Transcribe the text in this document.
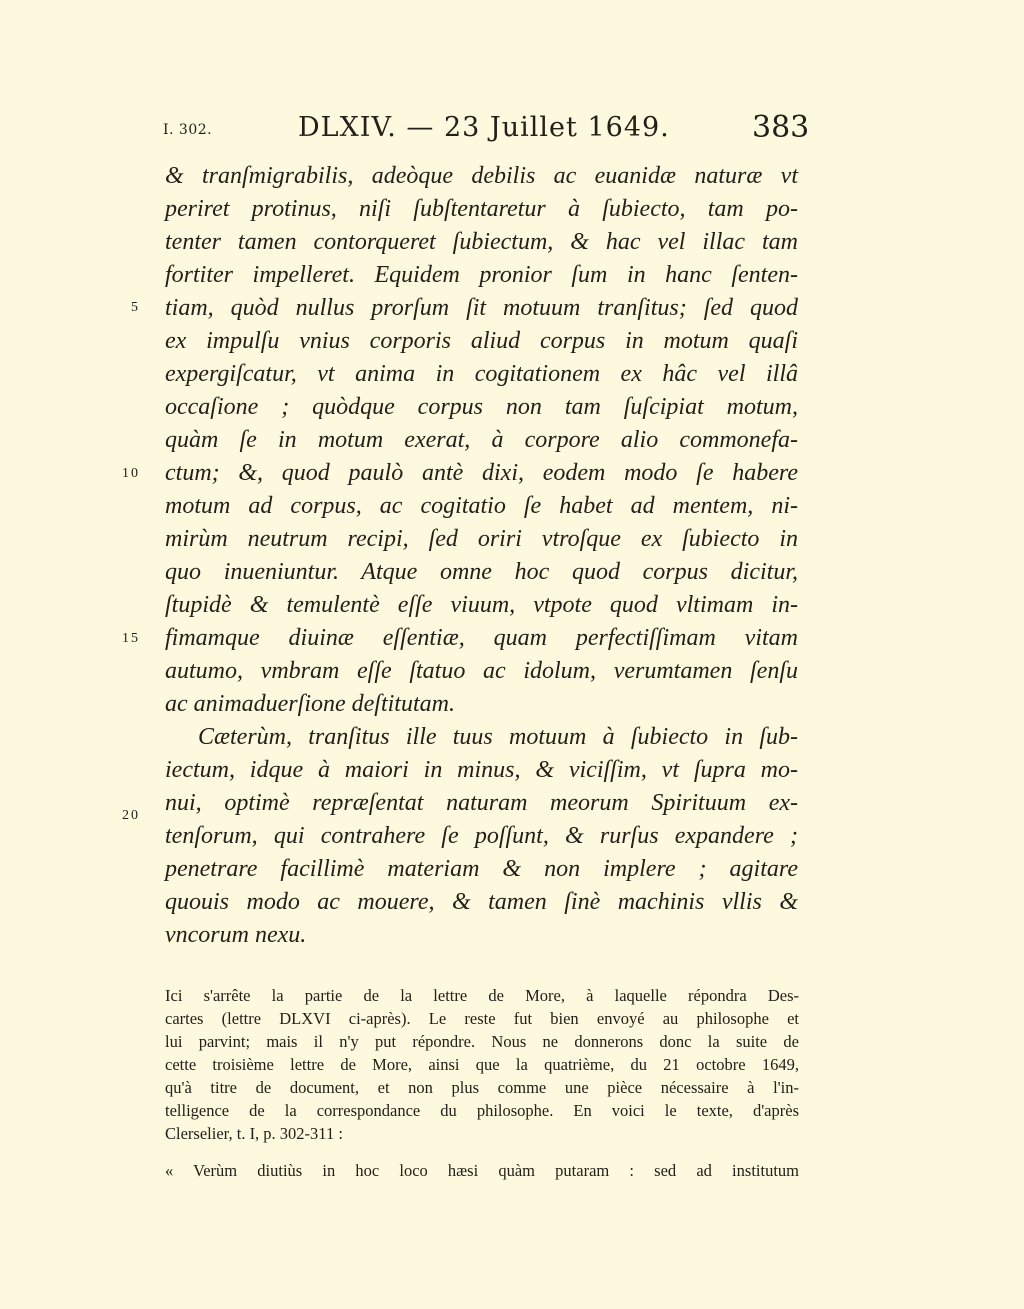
I. 302.	DLXIV. — 23 Juillet 1649.	383
& tranſmigrabilis, adeòque debilis ac euanidæ naturæ vt
periret protinus, niſi ſubſtentaretur à ſubiecto, tam po-
tenter tamen contorqueret ſubiectum, & hac vel illac tam
fortiter impelleret. Equidem pronior ſum in hanc ſenten-
tiam, quòd nullus prorſum ſit motuum tranſitus; ſed quod
ex impulſu vnius corporis aliud corpus in motum quaſi
expergiſcatur, vt anima in cogitationem ex hâc vel illâ
occaſione ; quòdque corpus non tam ſuſcipiat motum,
quàm ſe in motum exerat, à corpore alio commonefa-
ctum; &, quod paulò antè dixi, eodem modo ſe habere
motum ad corpus, ac cogitatio ſe habet ad mentem, ni-
mirùm neutrum recipi, ſed oriri vtroſque ex ſubiecto in
quo inueniuntur. Atque omne hoc quod corpus dicitur,
ſtupidè & temulentè eſſe viuum, vtpote quod vltimam in-
fimamque diuinæ eſſentiæ, quam perfectiſſimam vitam
autumo, vmbram eſſe ſtatuo ac idolum, verumtamen ſenſu
ac animaduerſione deſtitutam.
Cæterùm, tranſitus ille tuus motuum à ſubiecto in ſub-
iectum, idque à maiori in minus, & viciſſim, vt ſupra mo-
nui, optimè repræſentat naturam meorum Spirituum ex-
tenſorum, qui contrahere ſe poſſunt, & rurſus expandere ;
penetrare facillimè materiam & non implere ; agitare
quouis modo ac mouere, & tamen ſinè machinis vllis &
vncorum nexu.
5
10
15
20
Ici s'arrête la partie de la lettre de More, à laquelle répondra Des-
cartes (lettre DLXVI ci-après). Le reste fut bien envoyé au philosophe et
lui parvint; mais il n'y put répondre. Nous ne donnerons donc la suite de
cette troisième lettre de More, ainsi que la quatrième, du 21 octobre 1649,
qu'à titre de document, et non plus comme une pièce nécessaire à l'in-
telligence de la correspondance du philosophe. En voici le texte, d'après
Clerselier, t. I, p. 302-311 :
« Verùm diutiùs in hoc loco hæsi quàm putaram : sed ad institutum
